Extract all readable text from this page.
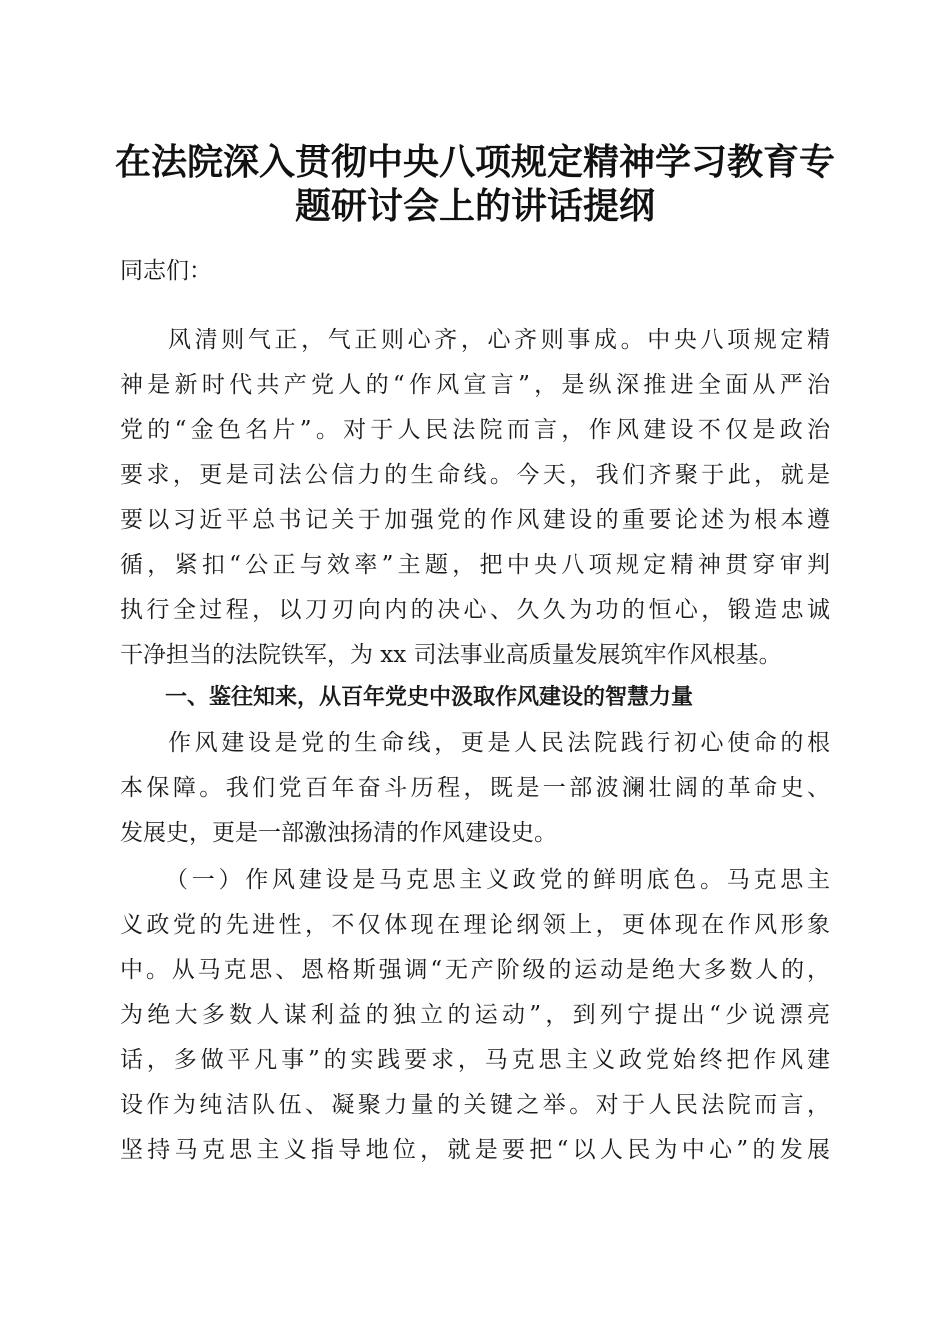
在法院深入贯彻中央八项规定精神学习教育专
题研讨会上的讲话提纲
同志们：
风清则气正，气正则心齐，心齐则事成。中央八项规定精
神是新时代共产党人的“作风宣言”，是纵深推进全面从严治
党的“金色名片”。对于人民法院而言，作风建设不仅是政治
要求，更是司法公信力的生命线。今天，我们齐聚于此，就是
要以习近平总书记关于加强党的作风建设的重要论述为根本遵
循，紧扣“公正与效率”主题，把中央八项规定精神贯穿审判
执行全过程，以刀刃向内的决心、久久为功的恒心，锻造忠诚
干净担当的法院铁军，为 xx 司法事业高质量发展筑牢作风根基。
一、鉴往知来，从百年党史中汲取作风建设的智慧力量
作风建设是党的生命线，更是人民法院践行初心使命的根
本保障。我们党百年奋斗历程，既是一部波澜壮阔的革命史、
发展史，更是一部激浊扬清的作风建设史。
（一）作风建设是马克思主义政党的鲜明底色。马克思主
义政党的先进性，不仅体现在理论纲领上，更体现在作风形象
中。从马克思、恩格斯强调“无产阶级的运动是绝大多数人的，
为绝大多数人谋利益的独立的运动”，到列宁提出“少说漂亮
话，多做平凡事”的实践要求，马克思主义政党始终把作风建
设作为纯洁队伍、凝聚力量的关键之举。对于人民法院而言，
坚持马克思主义指导地位，就是要把“以人民为中心”的发展
